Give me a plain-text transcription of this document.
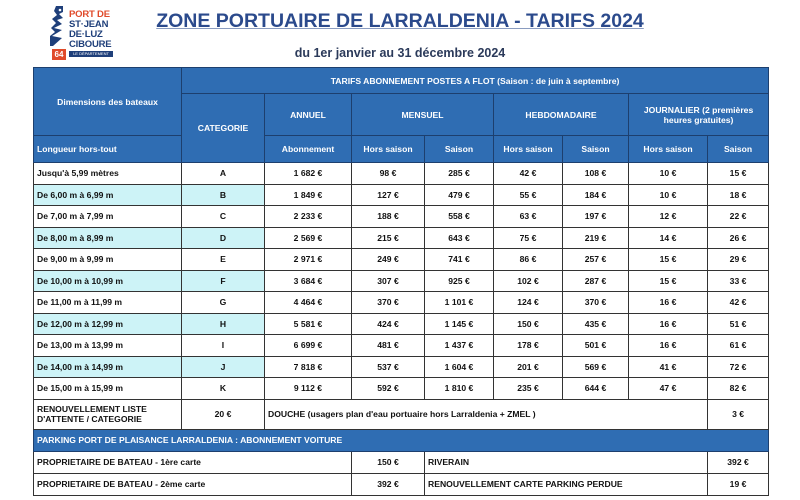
PORT DE
ST·JEAN
DE·LUZ
CIBOURE
64	LE DÉPARTEMENT
ZONE PORTUAIRE DE LARRALDENIA - TARIFS 2024
du 1er janvier au 31 décembre 2024
Dimensions des bateaux	TARIFS ABONNEMENT POSTES A FLOT (Saison : de juin à septembre)							
	CATEGORIE	ANNUEL	MENSUEL		HEBDOMADAIRE		JOURNALIER (2 premières heures gratuites)	
Longueur hors-tout		Abonnement	Hors saison	Saison	Hors saison	Saison	Hors saison	Saison
Jusqu'à 5,99 mètres	A	1 682 €	98 €	285 €	42 €	108 €	10 €	15 €
De 6,00 m à 6,99 m	B	1 849 €	127 €	479 €	55 €	184 €	10 €	18 €
De 7,00 m à 7,99 m	C	2 233 €	188 €	558 €	63 €	197 €	12 €	22 €
De 8,00 m à 8,99 m	D	2 569 €	215 €	643 €	75 €	219 €	14 €	26 €
De 9,00 m à 9,99 m	E	2 971 €	249 €	741 €	86 €	257 €	15 €	29 €
De 10,00 m à 10,99 m	F	3 684 €	307 €	925 €	102 €	287 €	15 €	33 €
De 11,00 m à 11,99 m	G	4 464 €	370 €	1 101 €	124 €	370 €	16 €	42 €
De 12,00 m à 12,99 m	H	5 581 €	424 €	1 145 €	150 €	435 €	16 €	51 €
De 13,00 m à 13,99 m	I	6 699 €	481 €	1 437 €	178 €	501 €	16 €	61 €
De 14,00 m à 14,99 m	J	7 818 €	537 €	1 604 €	201 €	569 €	41 €	72 €
De 15,00 m à 15,99 m	K	9 112 €	592 €	1 810 €	235 €	644 €	47 €	82 €
RENOUVELLEMENT LISTE D'ATTENTE / CATEGORIE	20 €	DOUCHE (usagers plan d'eau portuaire hors Larraldenia + ZMEL )						3 €
PARKING PORT DE PLAISANCE LARRALDENIA : ABONNEMENT VOITURE								
PROPRIETAIRE DE BATEAU - 1ère carte			150 €	RIVERAIN				392 €
PROPRIETAIRE DE BATEAU - 2ème carte			392 €	RENOUVELLEMENT CARTE PARKING PERDUE				19 €
